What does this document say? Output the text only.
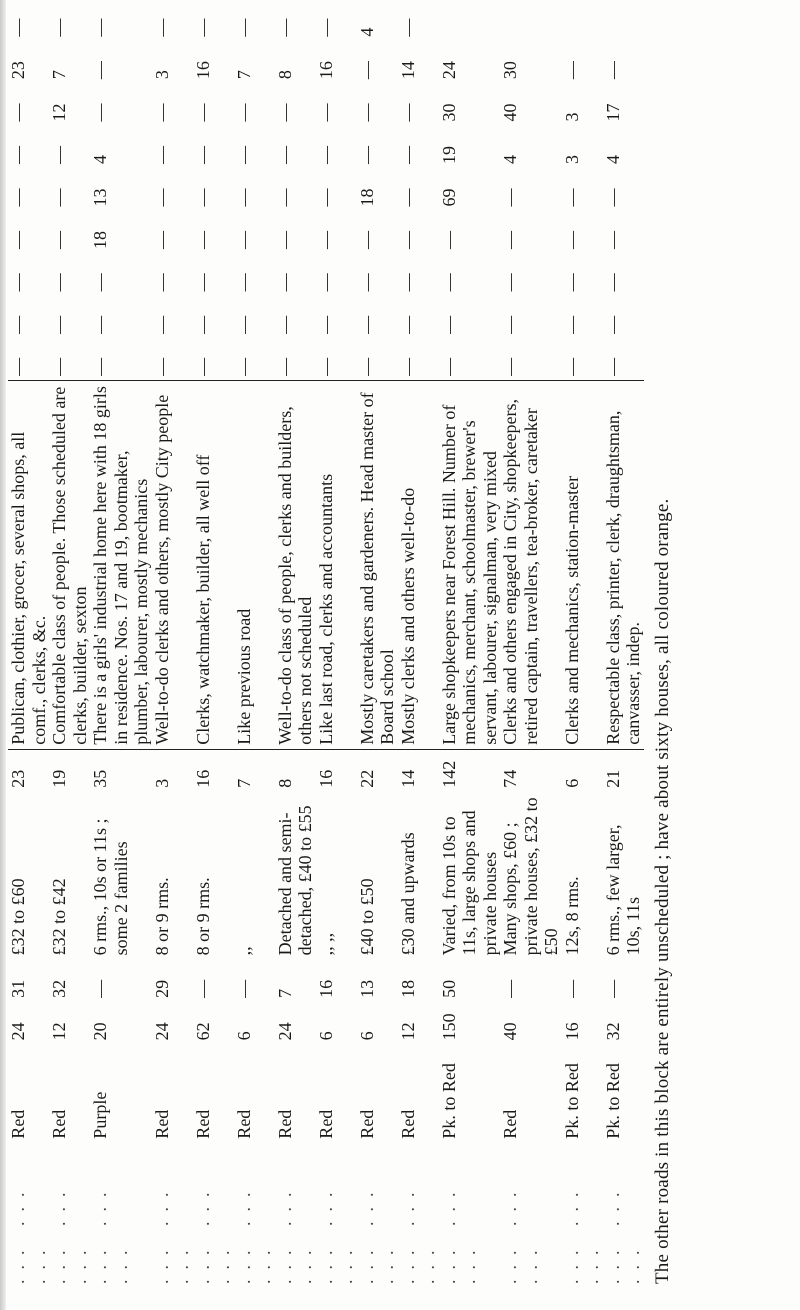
... ... ...	Red	24	31	£32 to £60	23	Publican, clothier, grocer, several shops, all comf., clerks, &c.	—	—	—	—	—	—	—	23	—
... ... ...	Red	12	32	£32 to £42	19	Comfortable class of people. Those scheduled are clerks, builder, sexton	—	—	—	—	—	—	12	7	—
... ... ...	Purple	20	—	6 rms., 10s or 11s ; some 2 families	35	There is a girls' industrial home here with 18 girls in residence. Nos. 17 and 19, bootmaker, plumber, labourer, mostly mechanics	—	—	—	18	13	4	—	—	—
... ... ...	Red	24	29	8 or 9 rms.	3	Well-to-do clerks and others, mostly City people	—	—	—	—	—	—	—	3	—
... ... ...	Red	62	—	8 or 9 rms.	16	Clerks, watchmaker, builder, all well off	—	—	—	—	—	—	—	16	—
... ... ...	Red	6	—	,,	7	Like previous road	—	—	—	—	—	—	—	7	—
... ... ...	Red	24	7	Detached and semi-detached, £40 to £55	8	Well-to-do class of people, clerks and builders, others not scheduled	—	—	—	—	—	—	—	8	—
... ... ...	Red	6	16	,, ,,	16	Like last road, clerks and accountants	—	—	—	—	—	—	—	16	—
... ... ...	Red	6	13	£40 to £50	22	Mostly caretakers and gardeners. Head master of Board school	—	—	—	—	18	—	—	—	4
... ... ...	Red	12	18	£30 and upwards	14	Mostly clerks and others well-to-do	—	—	—	—	—	—	—	14	—
... ... ...	Pk. to Red	150	50	Varied, from 10s to 11s, large shops and private houses	142	Large shopkeepers near Forest Hill. Number of mechanics, merchant, schoolmaster, brewer's servant, labourer, signalman, very mixed	—	—	—	—	69	19	30	24	
... ... ...	Red	40	—	Many shops, £60 ; private houses, £32 to £50	74	Clerks and others engaged in City, shopkeepers, retired captain, travellers, tea-broker, caretaker	—	—	—	—	—	4	40	30	
... ... ...	Pk. to Red	16	—	12s, 8 rms.	6	Clerks and mechanics, station-master	—	—	—	—	—	3	3	—	
... ... ...	Pk. to Red	32	—	6 rms., few larger, 10s, 11s	21	Respectable class, printer, clerk, draughtsman, canvasser, indep.	—	—	—	—	—	4	17	—	
The other roads in this block are entirely unscheduled ; have about sixty houses, all coloured orange.
